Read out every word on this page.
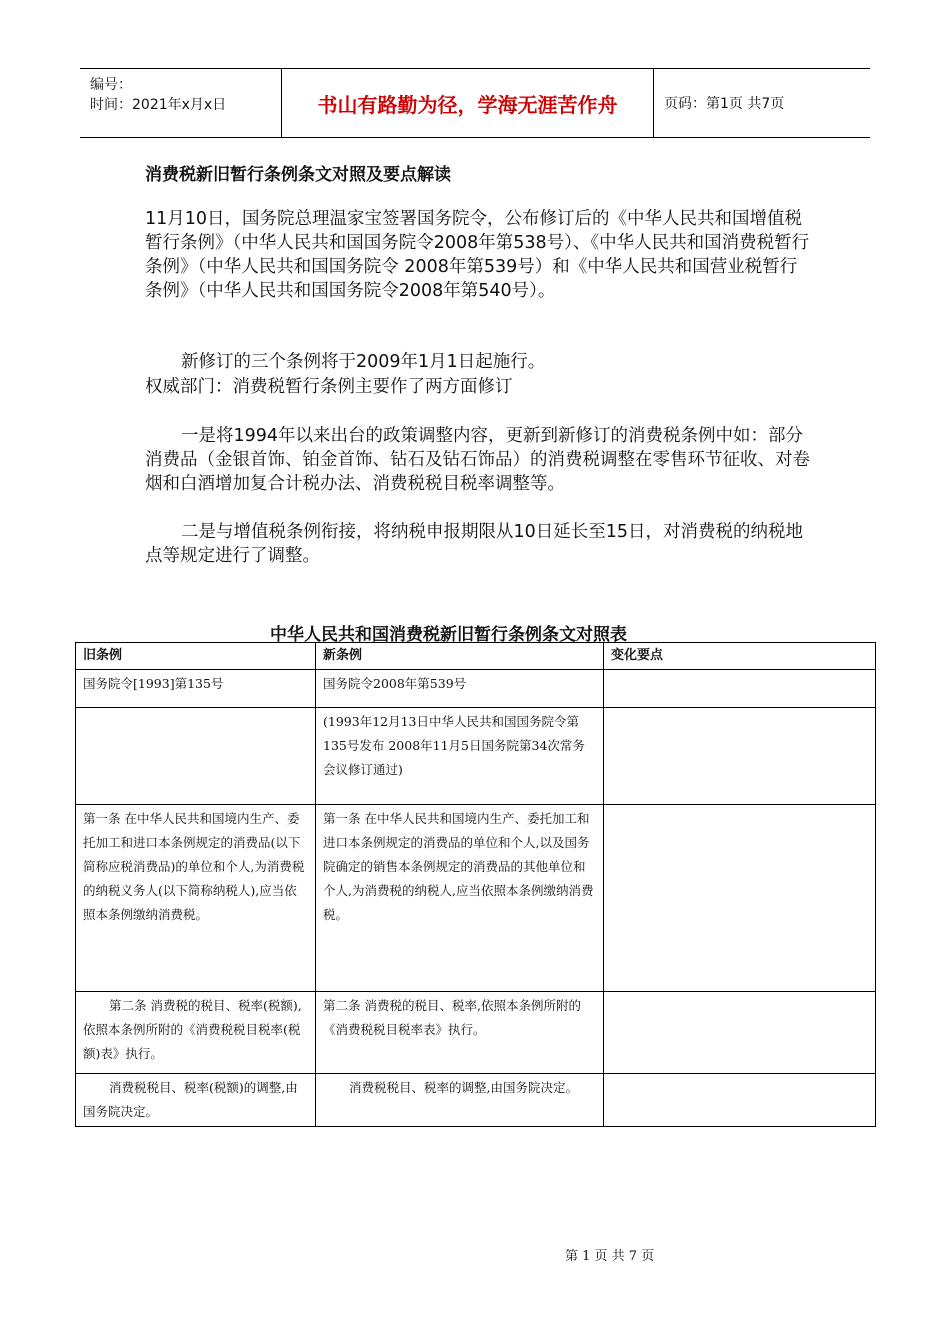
编号：
时间：2021年x月x日	书山有路勤为径，学海无涯苦作舟	页码：第1页 共7页
消费税新旧暂行条例条文对照及要点解读

11月10日，国务院总理温家宝签署国务院令，公布修订后的《中华人民共和国增值税暂行条例》（中华人民共和国国务院令2008年第538号）、《中华人民共和国消费税暂行条例》（中华人民共和国国务院令 2008年第539号）和《中华人民共和国营业税暂行条例》（中华人民共和国国务院令2008年第540号）。

新修订的三个条例将于2009年1月1日起施行。

权威部门：消费税暂行条例主要作了两方面修订

一是将1994年以来出台的政策调整内容，更新到新修订的消费税条例中如：部分消费品（金银首饰、铂金首饰、钻石及钻石饰品）的消费税调整在零售环节征收、对卷烟和白酒增加复合计税办法、消费税税目税率调整等。

二是与增值税条例衔接，将纳税申报期限从10日延长至15日，对消费税的纳税地点等规定进行了调整。

中华人民共和国消费税新旧暂行条例条文对照表
旧条例	新条例	变化要点
国务院令[1993]第135号	国务院令2008年第539号	
	(1993年12月13日中华人民共和国国务院令第135号发布 2008年11月5日国务院第34次常务会议修订通过)	
第一条 在中华人民共和国境内生产、委托加工和进口本条例规定的消费品(以下简称应税消费品)的单位和个人,为消费税的纳税义务人(以下简称纳税人),应当依照本条例缴纳消费税。	第一条 在中华人民共和国境内生产、委托加工和进口本条例规定的消费品的单位和个人,以及国务院确定的销售本条例规定的消费品的其他单位和个人,为消费税的纳税人,应当依照本条例缴纳消费税。	
第二条 消费税的税目、税率(税额),依照本条例所附的《消费税税目税率(税额)表》执行。	第二条 消费税的税目、税率,依照本条例所附的《消费税税目税率表》执行。	
消费税税目、税率(税额)的调整,由国务院决定。	消费税税目、税率的调整,由国务院决定。	
第 1 页 共 7 页
